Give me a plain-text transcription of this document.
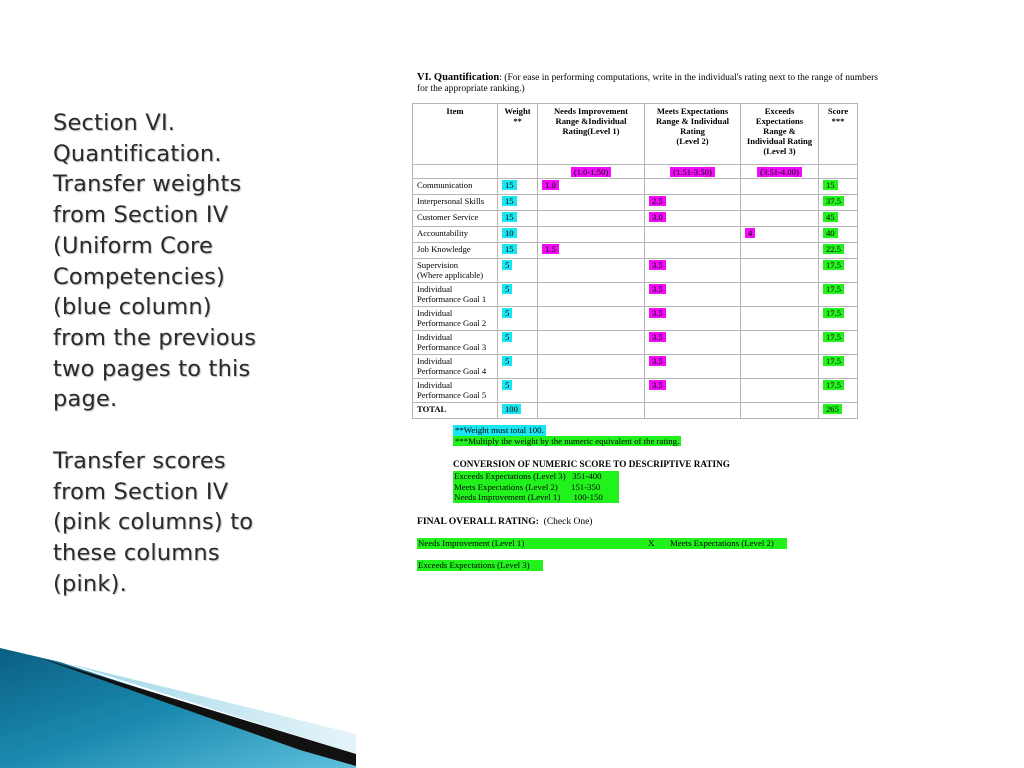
Section VI.
Quantification.
Transfer weights
from Section IV
(Uniform Core
Competencies)
(blue column)
from the previous
two pages to this
page.

Transfer scores
from Section IV
(pink columns) to
these columns
(pink).

VI. Quantification: (For ease in performing computations, write in the individual's rating next to the range of numbers for the appropriate ranking.)
Item	Weight
**	Needs Improvement
Range &Individual
Rating(Level 1)	Meets Expectations
Range & Individual
Rating
(Level 2)	Exceeds
Expectations
Range &
Individual Rating
(Level 3)	Score
***
		(1.0-1.50)	(1.51-3.50)	(3.51-4.00)	
Communication	15	1.0			15
Interpersonal Skills	15		2.5		37.5
Customer Service	15		3.0		45
Accountability	10			4	40
Job Knowledge	15	1.5			22.5
Supervision
(Where applicable)	5		3.5		17.5
Individual
Performance Goal 1	5		3.5		17.5
Individual
Performance Goal 2	5		3.5		17.5
Individual
Performance Goal 3	5		3.5		17.5
Individual
Performance Goal 4	5		3.5		17.5
Individual
Performance Goal 5	5		3.5		17.5
TOTAL	100				265
**Weight must total 100.
***Multiply the weight by the numeric equivalent of the rating.
CONVERSION OF NUMERIC SCORE TO DESCRIPTIVE RATING
Exceeds Expectations (Level 3)   351-400
Meets Expectations (Level 2)      151-350
Needs Improvement (Level 1)      100-150
FINAL OVERALL RATING:  (Check One)
Needs Improvement (Level 1)	X Meets Expectations (Level 2)
Exceeds Expectations (Level 3)
